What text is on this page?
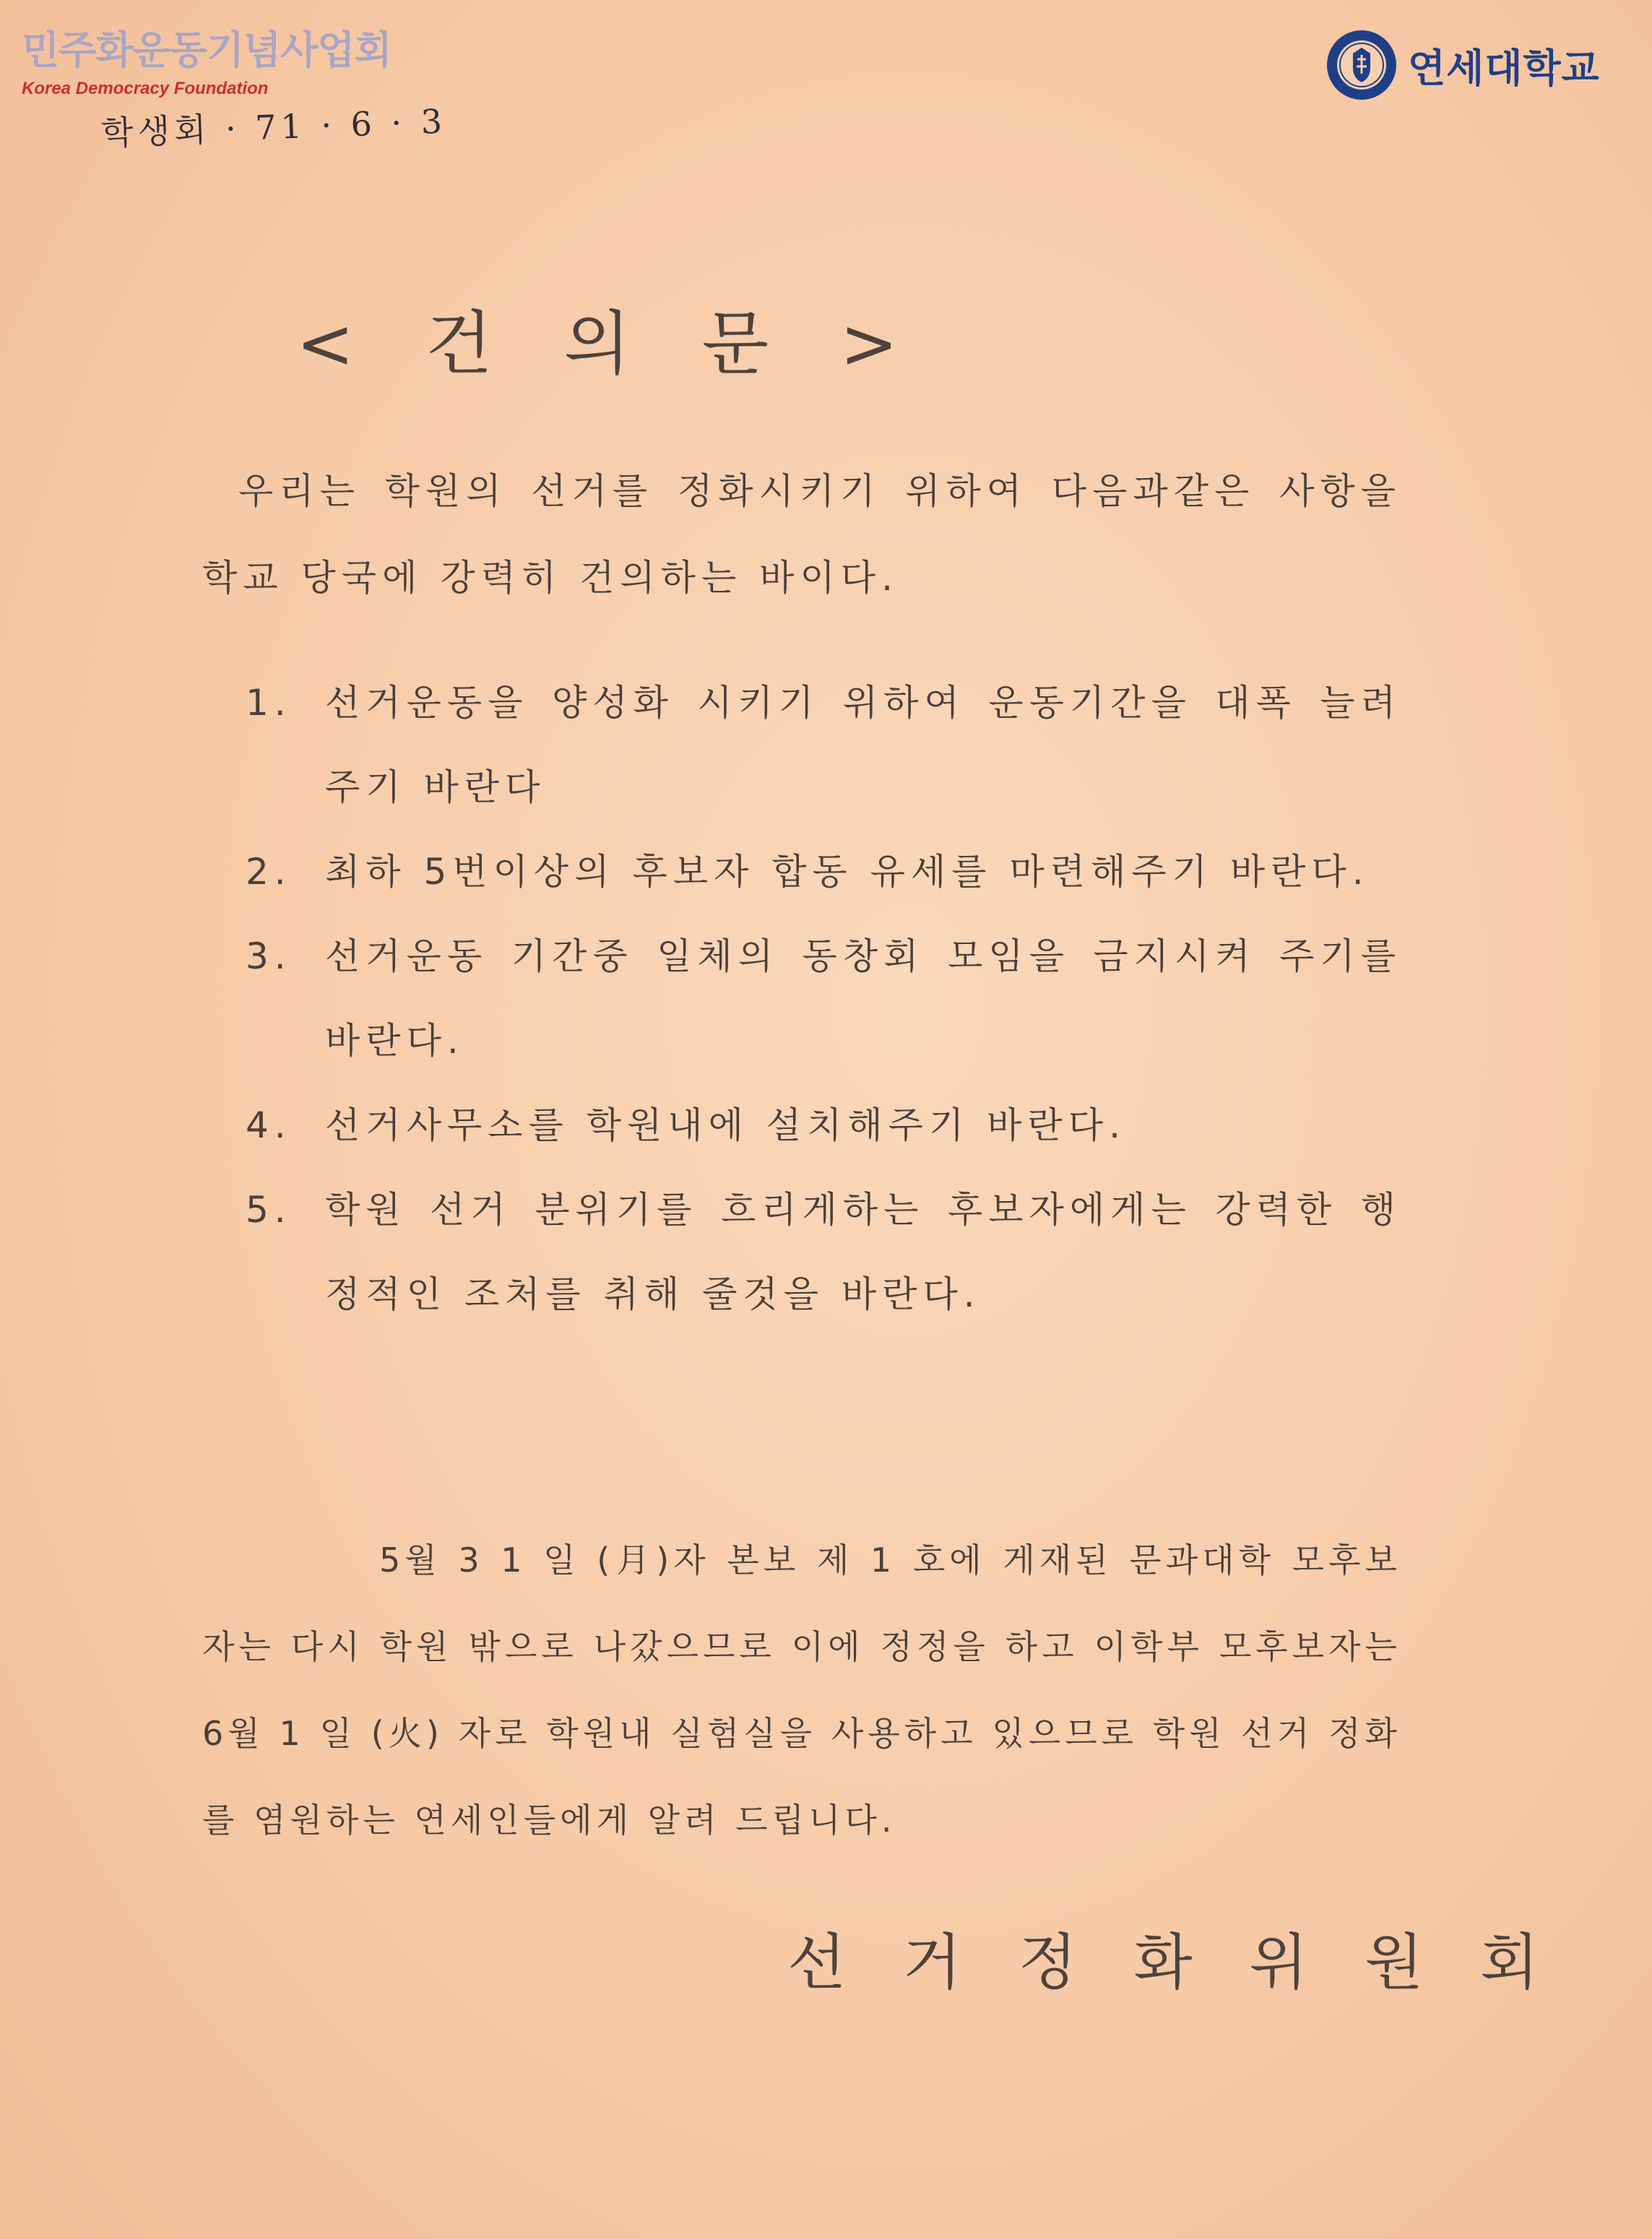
민주화운동기념사업회
Korea Democracy Foundation
학생회 · 71 · 6 · 3
연세대학교
< 건 의 문 >
우리는 학원의 선거를 정화시키기 위하여 다음과같은 사항을 학교 당국에 강력히 건의하는 바이다.
1. 선거운동을 양성화 시키기 위하여 운동기간을 대폭 늘려주기 바란다
2. 최하 5번이상의 후보자 합동 유세를 마련해주기 바란다.
3. 선거운동 기간중 일체의 동창회 모임을 금지시켜 주기를 바란다.
4. 선거사무소를 학원내에 설치해주기 바란다.
5. 학원 선거 분위기를 흐리게하는 후보자에게는 강력한 행정적인 조처를 취해 줄것을 바란다.
5월 3 1 일 (月)자 본보 제 1 호에 게재된 문과대학 모후보자는 다시 학원 밖으로 나갔으므로 이에 정정을 하고 이학부 모후보자는 6월 1 일 (火) 자로 학원내 실험실을 사용하고 있으므로 학원 선거 정화를 염원하는 연세인들에게 알려 드립니다.
선 거 정 화 위 원 회
